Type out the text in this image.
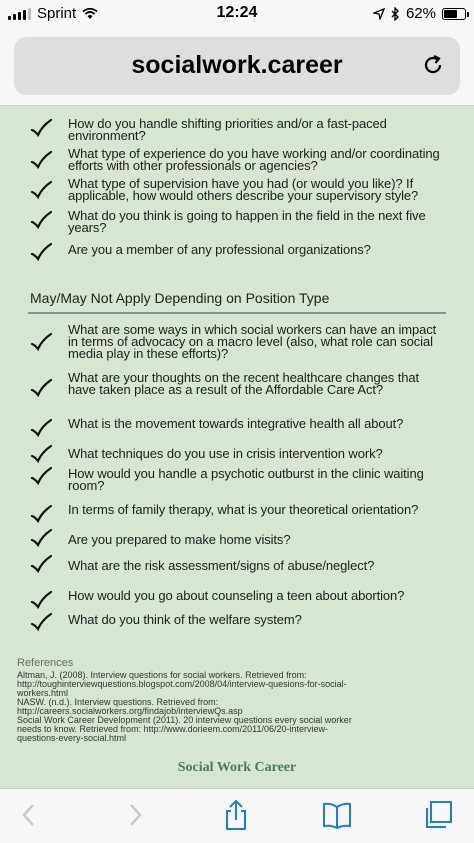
Sprint	12:24	62%
socialwork.career
How do you handle shifting priorities and/or a fast-paced environment?
What type of experience do you have working and/or coordinating efforts with other professionals or agencies?
What type of supervision have you had (or would you like)? If applicable, how would others describe your supervisory style?
What do you think is going to happen in the field in the next five years?
Are you a member of any professional organizations?
May/May Not Apply Depending on Position Type
What are some ways in which social workers can have an impact in terms of advocacy on a macro level (also, what role can social media play in these efforts)?
What are your thoughts on the recent healthcare changes that have taken place as a result of the Affordable Care Act?
What is the movement towards integrative health all about?
What techniques do you use in crisis intervention work?
How would you handle a psychotic outburst in the clinic waiting room?
In terms of family therapy, what is your theoretical orientation?
Are you prepared to make home visits?
What are the risk assessment/signs of abuse/neglect?
How would you go about counseling a teen about abortion?
What do you think of the welfare system?
References
Altman, J. (2008). Interview questions for social workers. Retrieved from:
http://toughinterviewquestions.blogspot.com/2008/04/interview-quesions-for-social-
workers.html
NASW. (n.d.). Interview questions. Retrieved from:
http://careers.socialworkers.org/findajob/interviewQs.asp
Social Work Career Development (2011). 20 interview questions every social worker
needs to know. Retrieved from: http://www.dorieem.com/2011/06/20-interview-
questions-every-social.html
Social Work Career
